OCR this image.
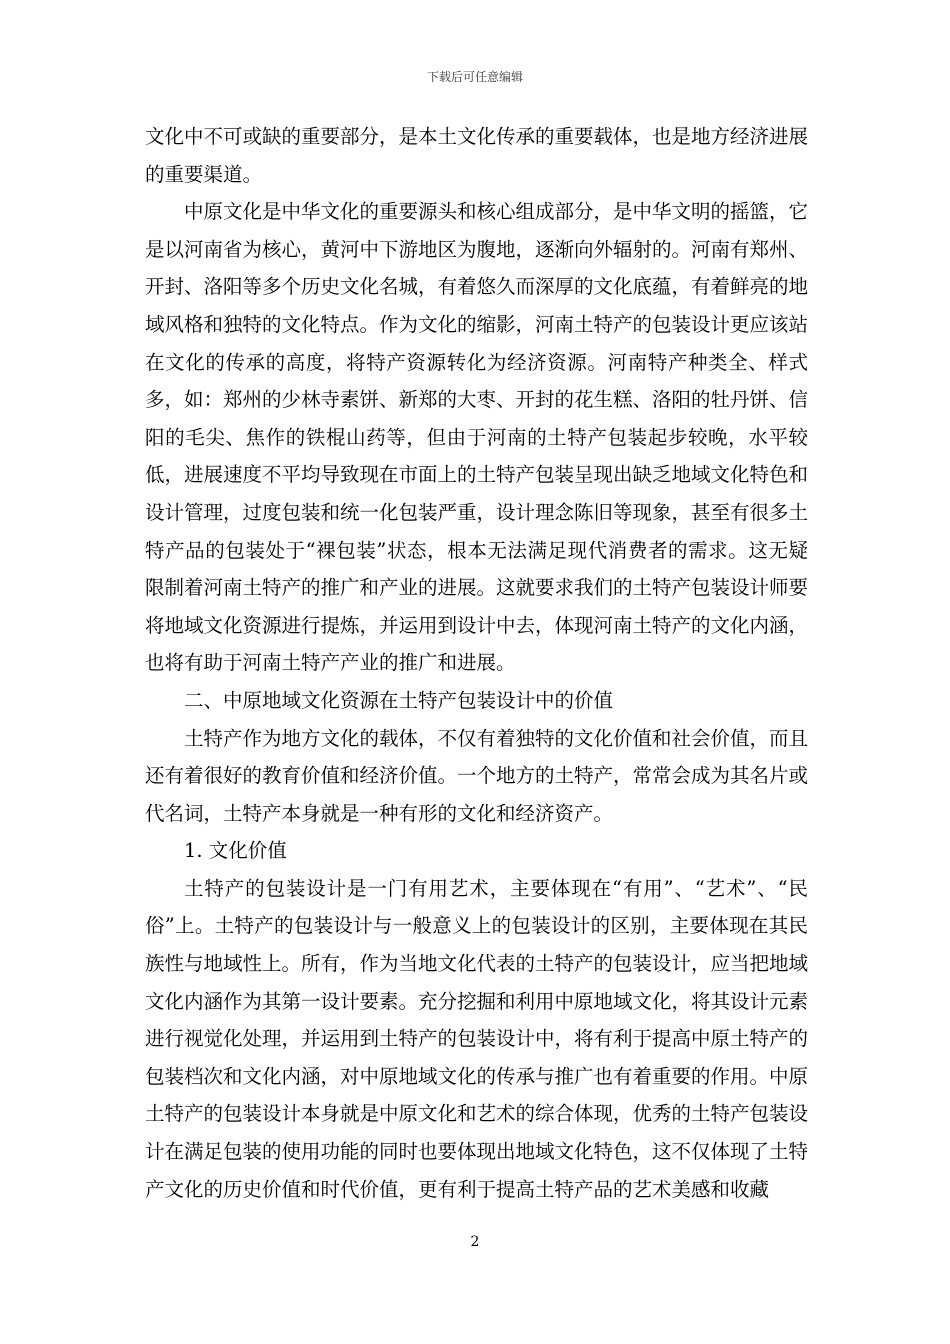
下载后可任意编辑

文化中不可或缺的重要部分，是本土文化传承的重要载体，也是地方经济进展的重要渠道。

中原文化是中华文化的重要源头和核心组成部分，是中华文明的摇篮，它是以河南省为核心，黄河中下游地区为腹地，逐渐向外辐射的。河南有郑州、开封、洛阳等多个历史文化名城，有着悠久而深厚的文化底蕴，有着鲜亮的地域风格和独特的文化特点。作为文化的缩影，河南土特产的包装设计更应该站在文化的传承的高度，将特产资源转化为经济资源。河南特产种类全、样式多，如：郑州的少林寺素饼、新郑的大枣、开封的花生糕、洛阳的牡丹饼、信阳的毛尖、焦作的铁棍山药等，但由于河南的土特产包装起步较晚，水平较低，进展速度不平均导致现在市面上的土特产包装呈现出缺乏地域文化特色和设计管理，过度包装和统一化包装严重，设计理念陈旧等现象，甚至有很多土特产品的包装处于“裸包装”状态，根本无法满足现代消费者的需求。这无疑限制着河南土特产的推广和产业的进展。这就要求我们的土特产包装设计师要将地域文化资源进行提炼，并运用到设计中去，体现河南土特产的文化内涵，也将有助于河南土特产产业的推广和进展。

二、中原地域文化资源在土特产包装设计中的价值

土特产作为地方文化的载体，不仅有着独特的文化价值和社会价值，而且还有着很好的教育价值和经济价值。一个地方的土特产，常常会成为其名片或代名词，土特产本身就是一种有形的文化和经济资产。

1. 文化价值

土特产的包装设计是一门有用艺术，主要体现在“有用”、“艺术”、“民俗”上。土特产的包装设计与一般意义上的包装设计的区别，主要体现在其民族性与地域性上。所有，作为当地文化代表的土特产的包装设计，应当把地域文化内涵作为其第一设计要素。充分挖掘和利用中原地域文化，将其设计元素进行视觉化处理，并运用到土特产的包装设计中，将有利于提高中原土特产的包装档次和文化内涵，对中原地域文化的传承与推广也有着重要的作用。中原土特产的包装设计本身就是中原文化和艺术的综合体现，优秀的土特产包装设计在满足包装的使用功能的同时也要体现出地域文化特色，这不仅体现了土特产文化的历史价值和时代价值，更有利于提高土特产品的艺术美感和收藏

2
